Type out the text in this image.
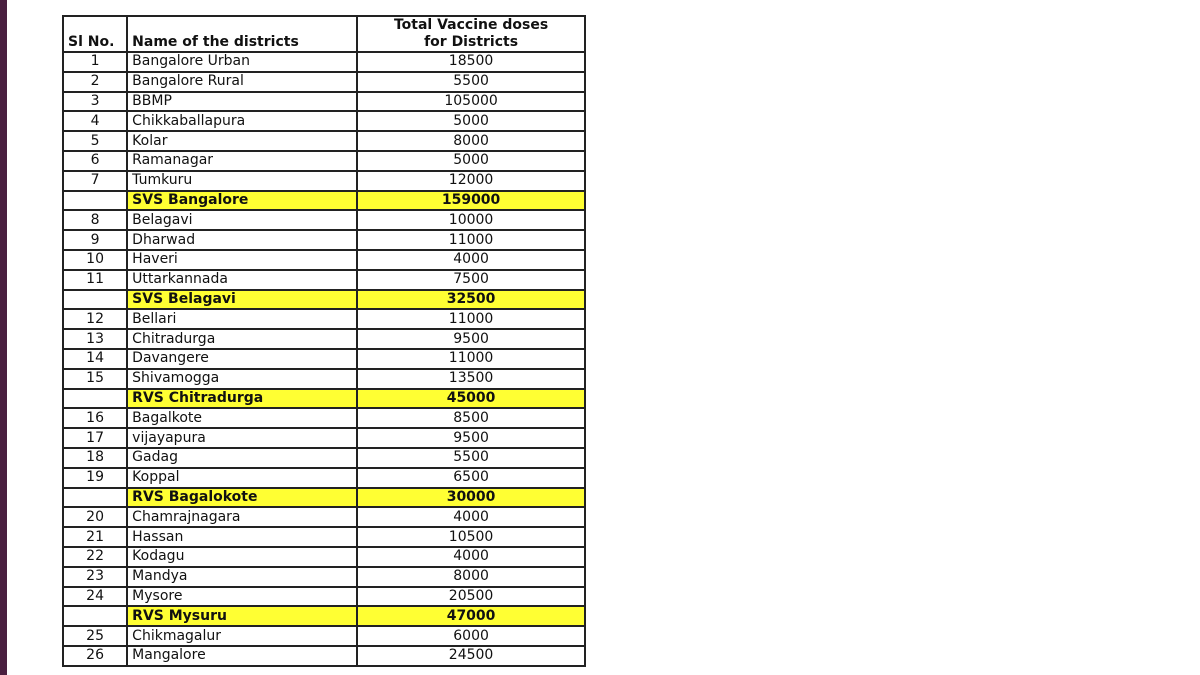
Sl No.	Name of the districts	Total Vaccine doses
for Districts
1	Bangalore Urban	18500
2	Bangalore Rural	5500
3	BBMP	105000
4	Chikkaballapura	5000
5	Kolar	8000
6	Ramanagar	5000
7	Tumkuru	12000
	SVS Bangalore	159000
8	Belagavi	10000
9	Dharwad	11000
10	Haveri	4000
11	Uttarkannada	7500
	SVS Belagavi	32500
12	Bellari	11000
13	Chitradurga	9500
14	Davangere	11000
15	Shivamogga	13500
	RVS Chitradurga	45000
16	Bagalkote	8500
17	vijayapura	9500
18	Gadag	5500
19	Koppal	6500
	RVS Bagalokote	30000
20	Chamrajnagara	4000
21	Hassan	10500
22	Kodagu	4000
23	Mandya	8000
24	Mysore	20500
	RVS Mysuru	47000
25	Chikmagalur	6000
26	Mangalore	24500
